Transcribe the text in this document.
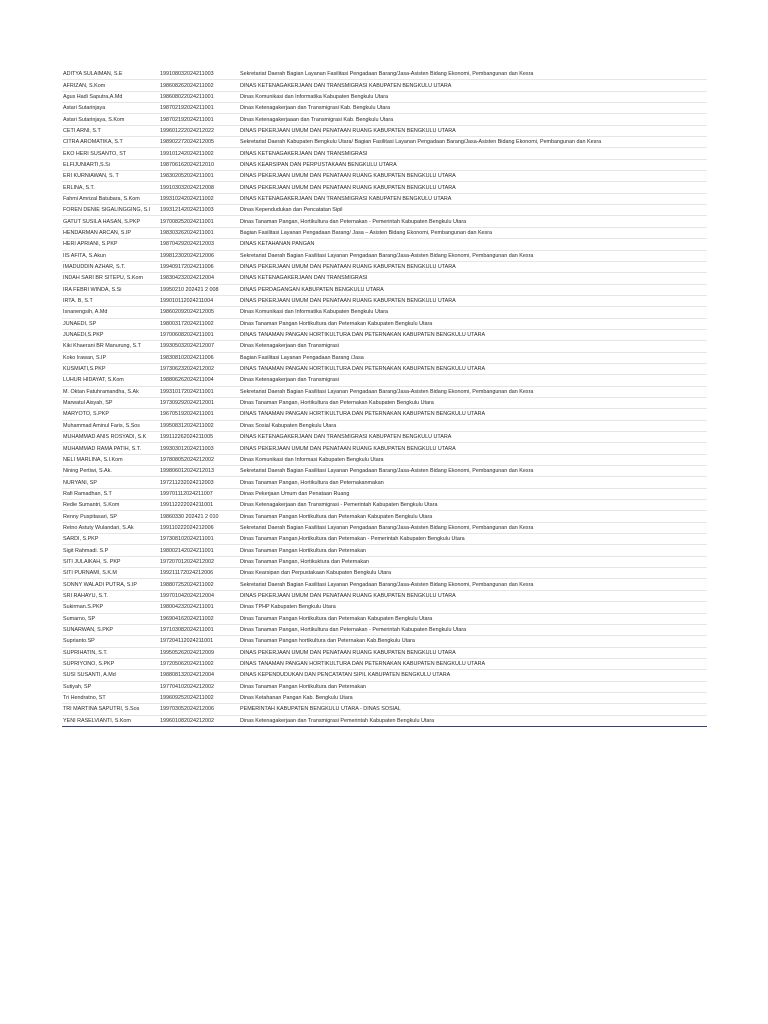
ADITYA SULAIMAN, S.E	199108032024211003	Sekretariat Daerah Bagian Layanan Fasilitasi Pengadaan Barang/Jasa-Asisten Bidang Ekonomi, Pembangunan dan Kesra
AFRIZAN, S.Kom	198608262024211002	DINAS KETENAGAKERJAAN DAN TRANSMIGRASI KABUPATEN BENGKULU UTARA
Agus Hadi Saputra,A.Md	198608022024211001	Dinas Komunikasi dan Informatika Kabupaten Bengkulu Utara
Astari Sutarinjaya	198702192024211001	Dinas Ketenagakerjaan dan Transmigrasi Kab. Bengkulu Utara
Astari Sutarinjaya, S.Kom	198702192024211001	Dinas Ketenagakerjaaan dan Transmigrasi Kab. Bengkulu Utara
CETI ARNI, S.T	199601222024212022	DINAS PEKERJAAN UMUM DAN PENATAAN RUANG KABUPATEN BENGKULU UTARA
CITRA AROMATIKA, S.T	198902272024212005	Sekretariat Daerah Kabupaten Bengkulu Utara/ Bagian Fasilitasi Layanan Pengadaan Barang/Jasa-Asisten Bidang Ekonomi, Pembangunan dan Kesra
EKO HERI SUSANTO, ST	199101242024211002	DINAS KETENAGAKERJAAN DAN TRANSMIGRASI
ELFIJUNIARTI,S.Si	198706162024212010	DINAS KEARSIPAN DAN PERPUSTAKAAN BENGKULU UTARA
ERI KURNIAWAN, S. T	198302052024211001	DINAS PEKERJAAN UMUM DAN PENATAAN RUANG KABUPATEN BENGKULU UTARA
ERLINA, S.T.	199103032024212008	DINAS PEKERJAAN UMUM DAN PENATAAN RUANG KABUPATEN BENGKULU UTARA
Fahmi Amrizal Batubara, S.Kom	199310242024211002	DINAS KETENAGAKERJAAN DAN TRANSMIGRASI KABUPATEN BENGKULU UTARA
FOREN DENIE SIGALINGGING, S.I	199312142024211003	Dinas Kependudukan dan Pencatatan Sipil
GATUT SUSILA HASAN, S.PKP	197008252024211001	Dinas Tanaman Pangan, Hortikultura dan Peternakan - Pemerintah Kabupaten Bengkulu Utara
HENDARMAN ARCAN, S.IP	198303262024211001	Bagian Fasilitasi Layanan Pengadaan Barang/ Jasa – Asisten Bidang Ekonomi, Pembangunan dan Kesra
HERI APRIANI, S.PKP	198704292024212003	DINAS KETAHANAN PANGAN
IIS AFITA, S.Akun	199812302024212006	Sekretariat Daerah Bagian Fasilitasi Layanan Pengadaan Barang/Jasa-Asisten Bidang Ekonomi, Pembangunan dan Kesra
IMADUDDIN AZHAR, S.T.	199409172024211006	DINAS PEKERJAAN UMUM DAN PENATAAN RUANG KABUPATEN BENGKULU UTARA
INDAH SARI BR SITEPU, S.Kom	198304232024212004	DINAS KETENAGAKERJAAN DAN TRANSMIGRASI
IRA FEBRI WINDA, S.Si	19950210 202421 2 008	DINAS PERDAGANGAN KABUPATEN BENGKULU UTARA
IRTA. B, S.T	199010112024211004	DINAS PEKERJAAN UMUM DAN PENATAAN RUANG KABUPATEN BENGKULU UTARA
Isnanengsih, A.Md	198602092024212005	Dinas Komunikasi dan Informatika Kabupaten Bengkulu Utara
JUNAEDI, SP	198003172024211002	Dinas Tanaman Pangan Hortikultura dan Peternakan Kabupaten Bengkulu Utara
JUNAEDI,S.PKP	197006082024211001	DINAS TANAMAN PANGAN HORTIKULTURA DAN PETERNAKAN KABUPATEN BENGKULU UTARA
Kiki Khaerani BR Manurung, S.T	199305032024212007	Dinas Ketenagakerjaan dan Transmigrasi
Koko Irawan, S.IP	198308102024211006	Bagian Fasilitasi Layanan Pengadaan Barang /Jasa
KUSMIATI,S.PKP	197306232024212002	DINAS TANAMAN PANGAN HORTIKULTURA DAN PETERNAKAN KABUPATEN BENGKULU UTARA
LUHUR HIDAYAT, S.Kom	198806262024211004	Dinas Ketenagakerjaan dan Transmigrasi
M. Oktan Fatuhramandha, S.Ak	199310172024211001	Sekretariat Daerah Bagian Fasilitasi Layanan Pengadaan Barang/Jasa-Asisten Bidang Ekonomi, Pembangunan dan Kesra
Marwatul Aisyah, SP	197309292024212001	Dinas Tanaman Pangan, Hortikultura dan Peternakan Kabupaten Bengkulu Utara
MARYOTO, S.PKP	196705192024211001	DINAS TANAMAN PANGAN HORTIKULTURA DAN PETERNAKAN KABUPATEN BENGKULU UTARA
Muhammad Aminul Faris, S.Sos	199508312024211002	Dinas Sosial Kabupaten Bengkulu Utara
MUHAMMAD ANIS ROSYADI, S.K	199112262024211005	DINAS KETENAGAKERJAAN DAN TRANSMIGRASI KABUPATEN BENGKULU UTARA
MUHAMMAD RAMA PATIH, S.T.	199303012024211003	DINAS PEKERJAAN UMUM DAN PENATAAN RUANG KABUPATEN BENGKULU UTARA
NELI MARLINA, S.I.Kom	197808052024212002	Dinas Komunikasi dan Informasi Kabupaten Bengkulu Utara
Nining Pertiwi, S.Ak.	199806012024212013	Sekretariat Daerah Bagian Fasilitasi Layanan Pengadaan Barang/Jasa-Asisten Bidang Ekonomi, Pembangunan dan Kesra
NURYANI, SP	197211232024212003	Dinas Tanaman Pangan, Hortikultura dan Peternakanmakan
Rafi Ramadhan, S.T	199701112024211007	Dinas Pekerjaan Umum dan Penataan Ruang
Redie Sumantri, S.Kom	199112222024211001	Dinas Ketenagakerjaan dan Transmigrasi - Pemerintah Kabupaten Bengkulu Utara
Renny Puspitasari, SP	19860330 202421 2 010	Dinas Tanaman Pangan Hortikultura dan Peternakan Kabupaten Bengkulu Utara
Retno Astuty Wulandari, S.Ak	199110222024212006	Sekretariat Daerah Bagian Fasilitasi Layanan Pengadaan Barang/Jasa-Asisten Bidang Ekonomi, Pembangunan dan Kesra
SARDI, S.PKP	197308102024211001	Dinas Tanaman Pangan,Hortikultura dan Peternakan - Pemerintah Kabupaten Bengkulu Utara
Sigit Rahmadi. S.P	198002142024211001	Dinas Tanaman Pangan Hortikultura dan Peternakan
SITI JULAIKAH, S. PKP	197207012024212002	Dinas Tanaman Pangan, Hortikuktura dan Peternakan
SITI PURNAMI, S.K.M	199211172024212006	Dinas Kearsipan dan Perpustakaan Kabupaten Bengkulu Utara
SONNY WALADI PUTRA, S.IP	198807252024211002	Sekretariat Daerah Bagian Fasilitasi Layanan Pengadaan Barang/Jasa-Asisten Bidang Ekonomi, Pembangunan dan Kesra
SRI RAHAYU, S.T.	199701042024212004	DINAS PEKERJAAN UMUM DAN PENATAAN RUANG KABUPATEN BENGKULU UTARA
Sukirman.S.PKP	198004232024211001	Dinas TPHP Kabupaten Bengkulu Utara
Sumarno, SP	196904162024211002	Dinas Tanaman Pangan Hortikultura dan Peternakan Kabupaten Bengkulu Utara
SUNARWAN, S.PKP	197103082024211001	Dinas Tanaman Pangan, Hortikultura dan Peternakan - Pemerintah Kabupaten Bengkulu Utara
Suprianto.SP	197204112024211001	Dinas Tanaman Pangan hortikultura dan Peternakan Kab.Bengkulu Utara
SUPRIHATIN, S.T.	199505262024212009	DINAS PEKERJAAN UMUM DAN PENATAAN RUANG KABUPATEN BENGKULU UTARA
SUPRIYONO, S.PKP	197205062024211002	DINAS TANAMAN PANGAN HORTIKULTURA DAN PETERNAKAN KABUPATEN BENGKULU UTARA
SUSI SUSANTI, A.Md	198808132024212004	DINAS KEPENDUDUKAN DAN PENCATATAN SIPIL KABUPATEN BENGKULU UTARA
Sutiyah, SP	197704102024212002	Dinas Tanaman Pangan Hortikultura dan Peternakan
Tri Hendratno, ST	199609252024211002	Dinas Ketahanan Pangan Kab. Bengkulu Utara
TRI MARTINA SAPUTRI, S.Sos	199703052024212006	PEMERINTAH KABUPATEN BENGKULU UTARA - DINAS SOSIAL
YENI RASELVIANTI, S.Kom	199601082024212002	Dinas Ketenagakerjaan dan Transmigrasi Pemerintah Kabupaten Bengkulu Utara
